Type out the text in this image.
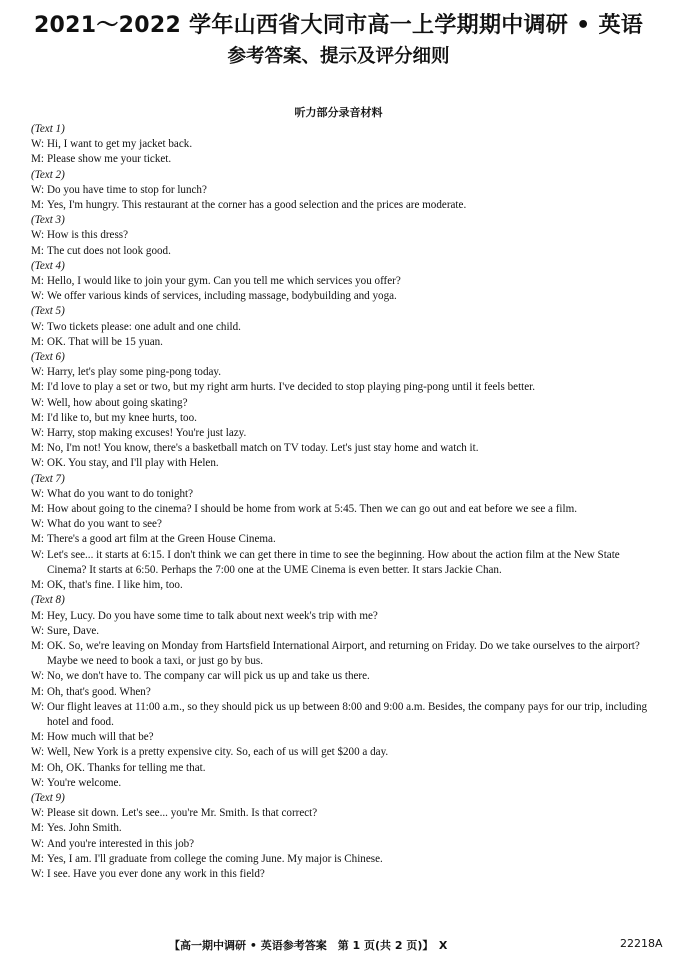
2021～2022 学年山西省大同市高一上学期期中调研 • 英语
参考答案、提示及评分细则
听力部分录音材料
(Text 1)
W: Hi, I want to get my jacket back.
M: Please show me your ticket.
(Text 2)
W: Do you have time to stop for lunch?
M: Yes, I'm hungry. This restaurant at the corner has a good selection and the prices are moderate.
(Text 3)
W: How is this dress?
M: The cut does not look good.
(Text 4)
M: Hello, I would like to join your gym. Can you tell me which services you offer?
W: We offer various kinds of services, including massage, bodybuilding and yoga.
(Text 5)
W: Two tickets please: one adult and one child.
M: OK. That will be 15 yuan.
(Text 6)
W: Harry, let's play some ping-pong today.
M: I'd love to play a set or two, but my right arm hurts. I've decided to stop playing ping-pong until it feels better.
W: Well, how about going skating?
M: I'd like to, but my knee hurts, too.
W: Harry, stop making excuses! You're just lazy.
M: No, I'm not! You know, there's a basketball match on TV today. Let's just stay home and watch it.
W: OK. You stay, and I'll play with Helen.
(Text 7)
W: What do you want to do tonight?
M: How about going to the cinema? I should be home from work at 5:45. Then we can go out and eat before we see a film.
W: What do you want to see?
M: There's a good art film at the Green House Cinema.
W: Let's see... it starts at 6:15. I don't think we can get there in time to see the beginning. How about the action film at the New State Cinema? It starts at 6:50. Perhaps the 7:00 one at the UME Cinema is even better. It stars Jackie Chan.
M: OK, that's fine. I like him, too.
(Text 8)
M: Hey, Lucy. Do you have some time to talk about next week's trip with me?
W: Sure, Dave.
M: OK. So, we're leaving on Monday from Hartsfield International Airport, and returning on Friday. Do we take ourselves to the airport? Maybe we need to book a taxi, or just go by bus.
W: No, we don't have to. The company car will pick us up and take us there.
M: Oh, that's good. When?
W: Our flight leaves at 11:00 a.m., so they should pick us up between 8:00 and 9:00 a.m. Besides, the company pays for our trip, including hotel and food.
M: How much will that be?
W: Well, New York is a pretty expensive city. So, each of us will get $200 a day.
M: Oh, OK. Thanks for telling me that.
W: You're welcome.
(Text 9)
W: Please sit down. Let's see... you're Mr. Smith. Is that correct?
M: Yes. John Smith.
W: And you're interested in this job?
M: Yes, I am. I'll graduate from college the coming June. My major is Chinese.
W: I see. Have you ever done any work in this field?
【高一期中调研 • 英语参考答案　第 1 页(共 2 页)】　X	22218A
